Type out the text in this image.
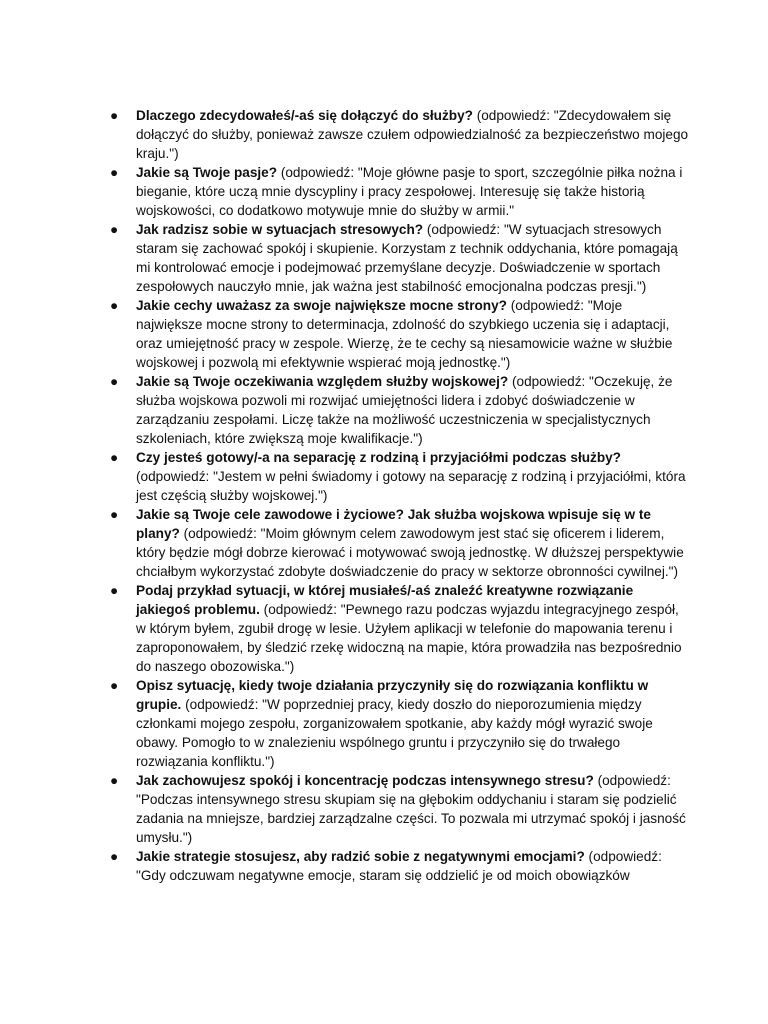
● Dlaczego zdecydowałeś/-aś się dołączyć do służby? (odpowiedź: "Zdecydowałem się dołączyć do służby, ponieważ zawsze czułem odpowiedzialność za bezpieczeństwo mojego kraju.")
● Jakie są Twoje pasje? (odpowiedź: "Moje główne pasje to sport, szczególnie piłka nożna i bieganie, które uczą mnie dyscypliny i pracy zespołowej. Interesuję się także historią wojskowości, co dodatkowo motywuje mnie do służby w armii."
● Jak radzisz sobie w sytuacjach stresowych? (odpowiedź: "W sytuacjach stresowych staram się zachować spokój i skupienie. Korzystam z technik oddychania, które pomagają mi kontrolować emocje i podejmować przemyślane decyzje. Doświadczenie w sportach zespołowych nauczyło mnie, jak ważna jest stabilność emocjonalna podczas presji.")
● Jakie cechy uważasz za swoje największe mocne strony? (odpowiedź: "Moje największe mocne strony to determinacja, zdolność do szybkiego uczenia się i adaptacji, oraz umiejętność pracy w zespole. Wierzę, że te cechy są niesamowicie ważne w służbie wojskowej i pozwolą mi efektywnie wspierać moją jednostkę.")
● Jakie są Twoje oczekiwania względem służby wojskowej? (odpowiedź: "Oczekuję, że służba wojskowa pozwoli mi rozwijać umiejętności lidera i zdobyć doświadczenie w zarządzaniu zespołami. Liczę także na możliwość uczestniczenia w specjalistycznych szkoleniach, które zwiększą moje kwalifikacje.")
● Czy jesteś gotowy/-a na separację z rodziną i przyjaciółmi podczas służby? (odpowiedź: "Jestem w pełni świadomy i gotowy na separację z rodziną i przyjaciółmi, która jest częścią służby wojskowej.")
● Jakie są Twoje cele zawodowe i życiowe? Jak służba wojskowa wpisuje się w te plany? (odpowiedź: "Moim głównym celem zawodowym jest stać się oficerem i liderem, który będzie mógł dobrze kierować i motywować swoją jednostkę. W dłuższej perspektywie chciałbym wykorzystać zdobyte doświadczenie do pracy w sektorze obronności cywilnej.")
● Podaj przykład sytuacji, w której musiałeś/-aś znaleźć kreatywne rozwiązanie jakiegoś problemu. (odpowiedź: "Pewnego razu podczas wyjazdu integracyjnego zespół, w którym byłem, zgubił drogę w lesie. Użyłem aplikacji w telefonie do mapowania terenu i zaproponowałem, by śledzić rzekę widoczną na mapie, która prowadziła nas bezpośrednio do naszego obozowiska.")
● Opisz sytuację, kiedy twoje działania przyczyniły się do rozwiązania konfliktu w grupie. (odpowiedź: "W poprzedniej pracy, kiedy doszło do nieporozumienia między członkami mojego zespołu, zorganizowałem spotkanie, aby każdy mógł wyrazić swoje obawy. Pomogło to w znalezieniu wspólnego gruntu i przyczyniło się do trwałego rozwiązania konfliktu.")
● Jak zachowujesz spokój i koncentrację podczas intensywnego stresu? (odpowiedź: "Podczas intensywnego stresu skupiam się na głębokim oddychaniu i staram się podzielić zadania na mniejsze, bardziej zarządzalne części. To pozwala mi utrzymać spokój i jasność umysłu.")
● Jakie strategie stosujesz, aby radzić sobie z negatywnymi emocjami? (odpowiedź: "Gdy odczuwam negatywne emocje, staram się oddzielić je od moich obowiązków
